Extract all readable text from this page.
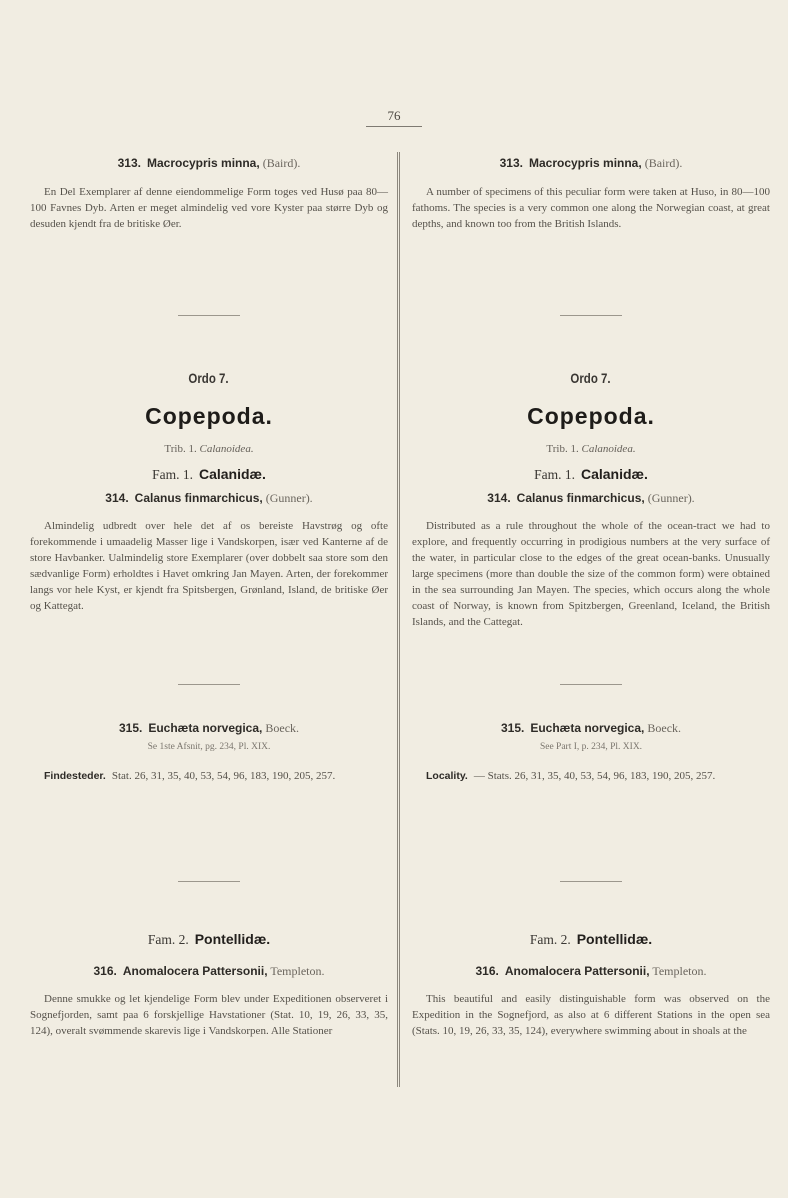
76
313. Macrocypris minna, (Baird).

En Del Exemplarer af denne eiendommelige Form toges ved Husø paa 80—100 Favnes Dyb. Arten er meget almindelig ved vore Kyster paa større Dyb og desuden kjendt fra de britiske Øer.

Ordo 7.
Copepoda.
Trib. 1. Calanoidea.
Fam. 1. Calanidæ.
314. Calanus finmarchicus, (Gunner).

Almindelig udbredt over hele det af os bereiste Havstrøg og ofte forekommende i umaadelig Masser lige i Vandskorpen, især ved Kanterne af de store Havbanker. Ualmindelig store Exemplarer (over dobbelt saa store som den sædvanlige Form) erholdtes i Havet omkring Jan Mayen. Arten, der forekommer langs vor hele Kyst, er kjendt fra Spitsbergen, Grønland, Island, de britiske Øer og Kattegat.

315. Euchæta norvegica, Boeck.
Se 1ste Afsnit, pg. 234, Pl. XIX.

Findesteder. Stat. 26, 31, 35, 40, 53, 54, 96, 183, 190, 205, 257.

Fam. 2. Pontellidæ.
316. Anomalocera Pattersonii, Templeton.

Denne smukke og let kjendelige Form blev under Expeditionen observeret i Sognefjorden, samt paa 6 forskjellige Havstationer (Stat. 10, 19, 26, 33, 35, 124), overalt svømmende skarevis lige i Vandskorpen. Alle Stationer

313. Macrocypris minna, (Baird).

A number of specimens of this peculiar form were taken at Huso, in 80—100 fathoms. The species is a very common one along the Norwegian coast, at great depths, and known too from the British Islands.

Ordo 7.
Copepoda.
Trib. 1. Calanoidea.
Fam. 1. Calanidæ.
314. Calanus finmarchicus, (Gunner).

Distributed as a rule throughout the whole of the ocean-tract we had to explore, and frequently occurring in prodigious numbers at the very surface of the water, in particular close to the edges of the great ocean-banks. Unusually large specimens (more than double the size of the common form) were obtained in the sea surrounding Jan Mayen. The species, which occurs along the whole coast of Norway, is known from Spitzbergen, Greenland, Iceland, the British Islands, and the Cattegat.

315. Euchæta norvegica, Boeck.
See Part I, p. 234, Pl. XIX.

Locality. — Stats. 26, 31, 35, 40, 53, 54, 96, 183, 190, 205, 257.

Fam. 2. Pontellidæ.
316. Anomalocera Pattersonii, Templeton.

This beautiful and easily distinguishable form was observed on the Expedition in the Sognefjord, as also at 6 different Stations in the open sea (Stats. 10, 19, 26, 33, 35, 124), everywhere swimming about in shoals at the
